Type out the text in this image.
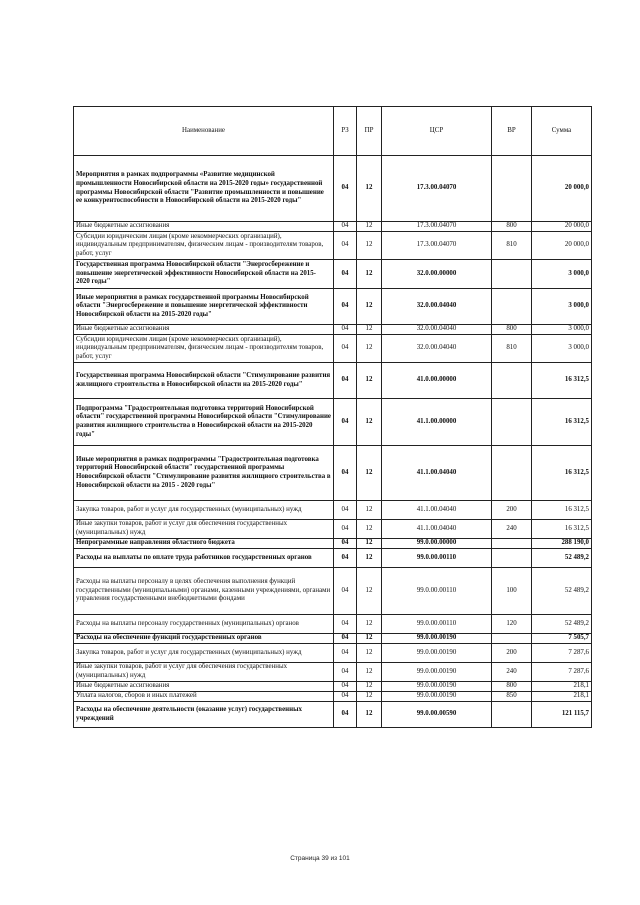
Наименование	РЗ	ПР	ЦСР	ВР	Сумма
Мероприятия в рамках подпрограммы «Развитие медицинской промышленности Новосибирской области на 2015-2020 годы» государственной программы Новосибирской области "Развитие промышленности и повышение ее конкурентоспособности в Новосибирской области на 2015-2020 годы"	04	12	17.3.00.04070		20 000,0
Иные бюджетные ассигнования	04	12	17.3.00.04070	800	20 000,0
Субсидии юридическим лицам (кроме некоммерческих организаций), индивидуальным предпринимателям, физическим лицам - производителям товаров, работ, услуг	04	12	17.3.00.04070	810	20 000,0
Государственная программа Новосибирской области "Энергосбережение и повышение энергетической эффективности Новосибирской области на 2015- 2020 годы"	04	12	32.0.00.00000		3 000,0
Иные мероприятия в рамках государственной программы Новосибирской области "Энергосбережение и повышение энергетической эффективности Новосибирской области на 2015-2020 годы"	04	12	32.0.00.04040		3 000,0
Иные бюджетные ассигнования	04	12	32.0.00.04040	800	3 000,0
Субсидии юридическим лицам (кроме некоммерческих организаций), индивидуальным предпринимателям, физическим лицам - производителям товаров, работ, услуг	04	12	32.0.00.04040	810	3 000,0
Государственная программа Новосибирской области "Стимулирование развития жилищного строительства в Новосибирской области на 2015-2020 годы"	04	12	41.0.00.00000		16 312,5
Подпрограмма "Градостроительная подготовка территорий Новосибирской области" государственной программы Новосибирской области "Стимулирование развития жилищного строительства в Новосибирской области на 2015-2020 годы"	04	12	41.1.00.00000		16 312,5
Иные мероприятия в рамках подпрограммы "Градостроительная подготовка территорий Новосибирской области" государственной программы Новосибирской области "Стимулирование развития жилищного строительства в Новосибирской области на 2015 - 2020 годы"	04	12	41.1.00.04040		16 312,5
Закупка товаров, работ и услуг для государственных (муниципальных) нужд	04	12	41.1.00.04040	200	16 312,5
Иные закупки товаров, работ и услуг для обеспечения государственных (муниципальных) нужд	04	12	41.1.00.04040	240	16 312,5
Непрограммные направления областного бюджета	04	12	99.0.00.00000		288 190,0
Расходы на выплаты по оплате труда работников государственных органов	04	12	99.0.00.00110		52 489,2
Расходы на выплаты персоналу в целях обеспечения выполнения функций государственными (муниципальными) органами, казенными учреждениями, органами управления государственными внебюджетными фондами	04	12	99.0.00.00110	100	52 489,2
Расходы на выплаты персоналу государственных (муниципальных) органов	04	12	99.0.00.00110	120	52 489,2
Расходы на обеспечение функций государственных органов	04	12	99.0.00.00190		7 505,7
Закупка товаров, работ и услуг для государственных (муниципальных) нужд	04	12	99.0.00.00190	200	7 287,6
Иные закупки товаров, работ и услуг для обеспечения государственных (муниципальных) нужд	04	12	99.0.00.00190	240	7 287,6
Иные бюджетные ассигнования	04	12	99.0.00.00190	800	218,1
Уплата налогов, сборов и иных платежей	04	12	99.0.00.00190	850	218,1
Расходы на обеспечение деятельности (оказание услуг) государственных учреждений	04	12	99.0.00.00590		121 115,7
Страница 39 из 101
